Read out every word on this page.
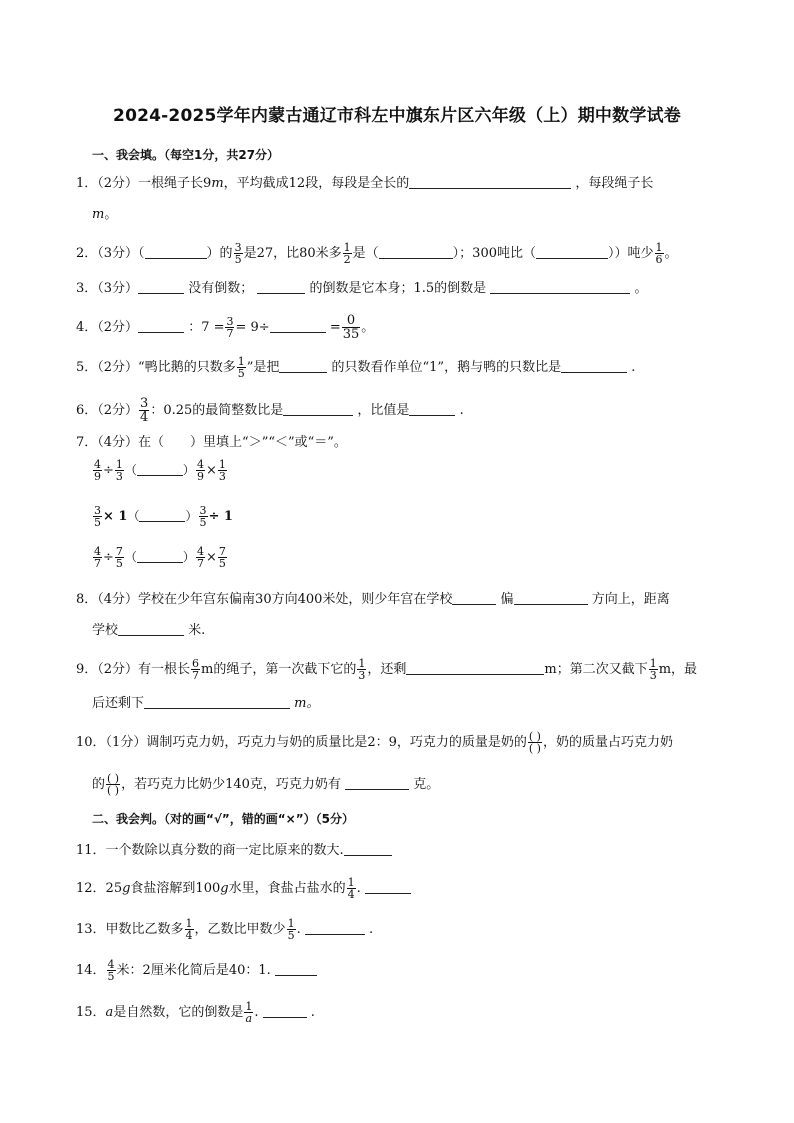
2024-2025学年内蒙古通辽市科左中旗东片区六年级（上）期中数学试卷
一、我会填。（每空1分，共27分）
1．（2分）一根绳子长9m，平均截成12段，每段是全长的	，每段绳子长
m。
2．（3分）（	）的 $\frac{3}{5}$ 是27，比80米多 $\frac{1}{2}$ 是（	）；300吨比（	））吨少 $\frac{1}{6}$ 。
3．（3分）	没有倒数；	的倒数是它本身；1.5的倒数是	。
4．（2分）	：$7 = \frac{3}{7} = 9\div$	= $\frac{0}{35}$ 。
5．（2分）“鸭比鹅的只数多 $\frac{1}{5}$ ”是把	的只数看作单位“1”，鹅与鸭的只数比是	.
6．（2分） $\frac{3}{4}$ ：0.25的最简整数比是	，比值是	.
7．（4分）在（　　）里填上“＞”“＜”或“＝”。
$\frac{4}{9} \div \frac{1}{3}$ （	） $\frac{4}{9} \times \frac{1}{3}$
$\frac{3}{5} \times 1$（	） $\frac{3}{5} \div 1$
$\frac{4}{7} \div \frac{7}{5}$ （	） $\frac{4}{7} \times \frac{7}{5}$
8．（4分）学校在少年宫东偏南30方向400米处，则少年宫在学校	偏	方向上，距离
学校	米.
9．（2分）有一根长 $\frac{6}{7}$ m的绳子，第一次截下它的 $\frac{1}{3}$ ，还剩	m；第二次又截下 $\frac{1}{3}$ m，最
后还剩下	m。
10．（1分）调制巧克力奶，巧克力与奶的质量比是2：9，巧克力的质量是奶的 ( )
( ) ，奶的质量占巧克力奶
的 ( )
( ) ，若巧克力比奶少140克，巧克力奶有	克。
二、我会判。（对的画“√”，错的画“×”）（5分）
11．一个数除以真分数的商一定比原来的数大.
12．25g食盐溶解到100g水里，食盐占盐水的 $\frac{1}{4}$ .
13．甲数比乙数多 $\frac{1}{4}$ ，乙数比甲数少 $\frac{1}{5}$ .	.
14． $\frac{4}{5}$ 米：2厘米化简后是40：1.
15．a是自然数，它的倒数是 $\frac{1}{a}$ .	.
